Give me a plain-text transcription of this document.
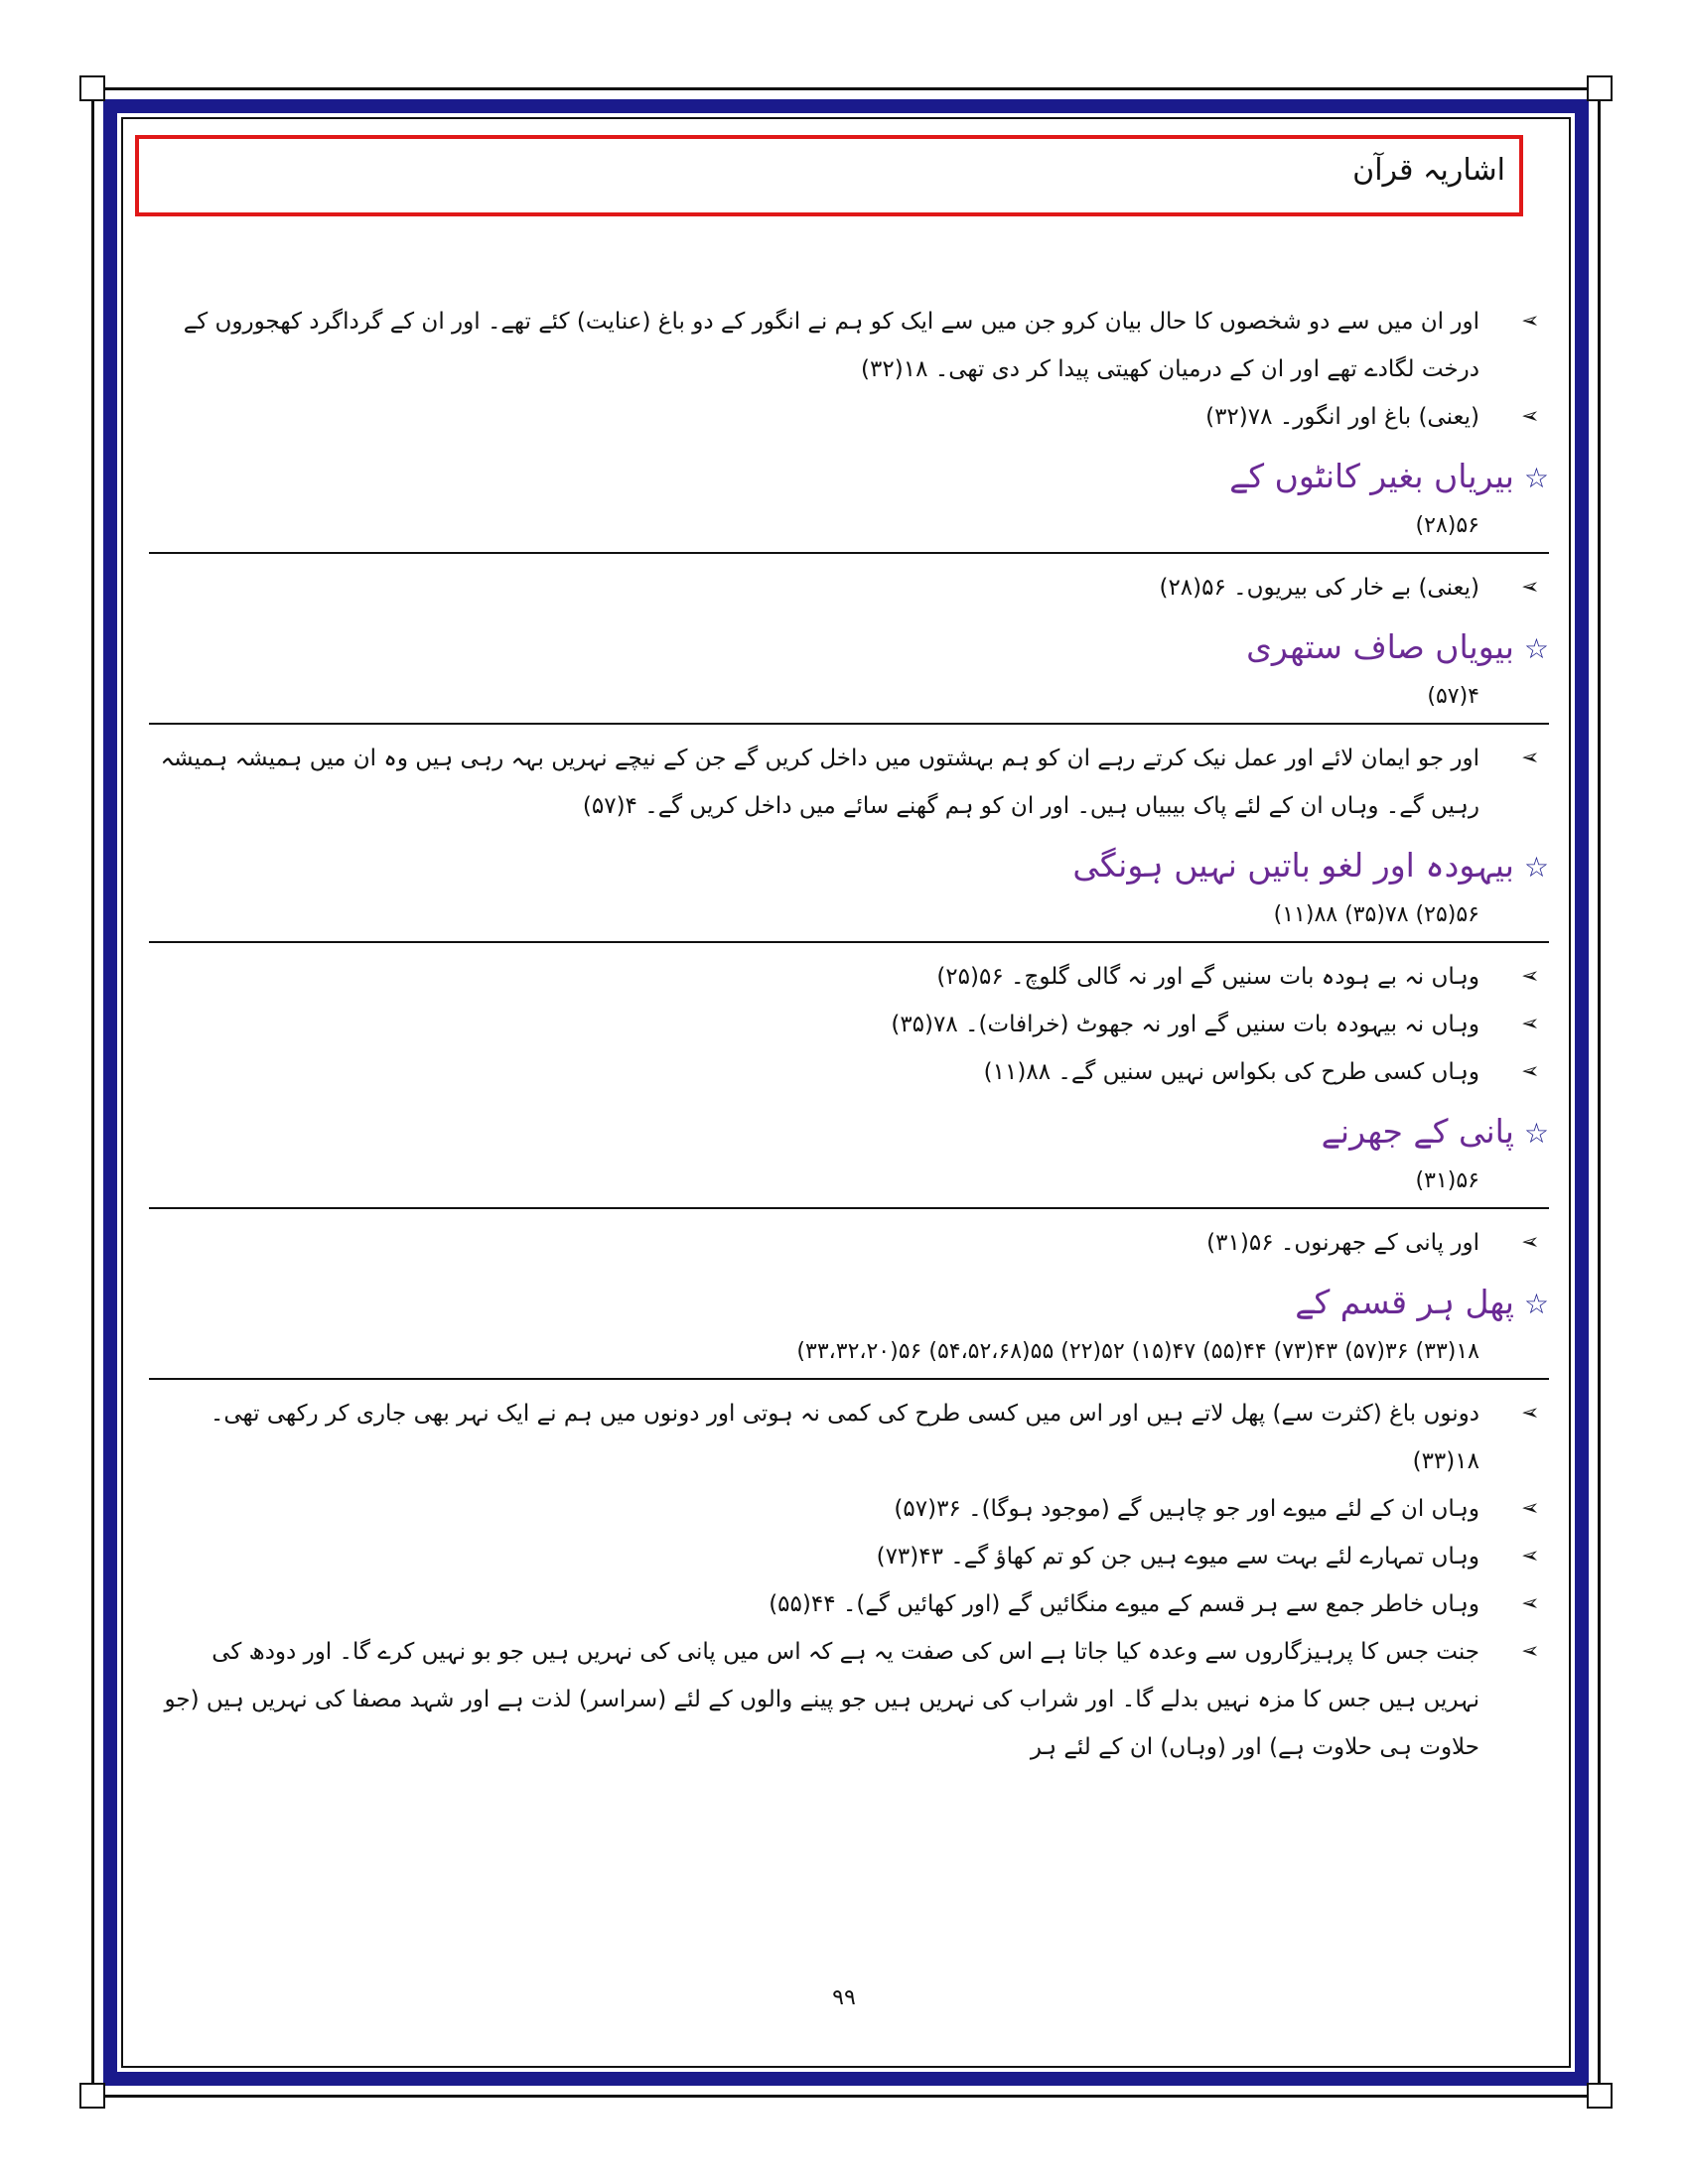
اشاریہ قرآن
➢
اور ان میں سے دو شخصوں کا حال بیان کرو جن میں سے ایک کو ہم نے انگور کے دو باغ (عنایت) کئے تھے۔ اور ان کے گرداگرد کھجوروں کے درخت لگادے تھے اور ان کے درمیان کھیتی پیدا کر دی تھی۔ ۱۸(۳۲)
➢
(یعنی) باغ اور انگور۔ ۷۸(۳۲)
☆بیریاں بغیر کانٹوں کے
۵۶(۲۸)
➢
(یعنی) بے خار کی بیریوں۔ ۵۶(۲۸)
☆بیویاں صاف ستھری
۴(۵۷)
➢
اور جو ایمان لائے اور عمل نیک کرتے رہے ان کو ہم بہشتوں میں داخل کریں گے جن کے نیچے نہریں بہہ رہی ہیں وہ ان میں ہمیشہ ہمیشہ رہیں گے۔ وہاں ان کے لئے پاک بیبیاں ہیں۔ اور ان کو ہم گھنے سائے میں داخل کریں گے۔ ۴(۵۷)
☆بیہودہ اور لغو باتیں نہیں ہونگی
۵۶(۲۵) ۷۸(۳۵) ۸۸(۱۱)
➢
وہاں نہ بے ہودہ بات سنیں گے اور نہ گالی گلوچ۔ ۵۶(۲۵)
➢
وہاں نہ بیہودہ بات سنیں گے اور نہ جھوٹ (خرافات)۔ ۷۸(۳۵)
➢
وہاں کسی طرح کی بکواس نہیں سنیں گے۔ ۸۸(۱۱)
☆پانی کے جھرنے
۵۶(۳۱)
➢
اور پانی کے جھرنوں۔ ۵۶(۳۱)
☆پھل ہر قسم کے
۱۸(۳۳) ۳۶(۵۷) ۴۳(۷۳) ۴۴(۵۵) ۴۷(۱۵) ۵۲(۲۲) ۵۵(۵۴،۵۲،۶۸) ۵۶(۳۳،۳۲،۲۰)
➢
دونوں باغ (کثرت سے) پھل لاتے ہیں اور اس میں کسی طرح کی کمی نہ ہوتی اور دونوں میں ہم نے ایک نہر بھی جاری کر رکھی تھی۔ ۱۸(۳۳)
➢
وہاں ان کے لئے میوے اور جو چاہیں گے (موجود ہوگا)۔ ۳۶(۵۷)
➢
وہاں تمہارے لئے بہت سے میوے ہیں جن کو تم کھاؤ گے۔ ۴۳(۷۳)
➢
وہاں خاطر جمع سے ہر قسم کے میوے منگائیں گے (اور کھائیں گے)۔ ۴۴(۵۵)
➢
جنت جس کا پرہیزگاروں سے وعدہ کیا جاتا ہے اس کی صفت یہ ہے کہ اس میں پانی کی نہریں ہیں جو بو نہیں کرے گا۔ اور دودھ کی نہریں ہیں جس کا مزہ نہیں بدلے گا۔ اور شراب کی نہریں ہیں جو پینے والوں کے لئے (سراسر) لذت ہے اور شہد مصفا کی نہریں ہیں (جو حلاوت ہی حلاوت ہے) اور (وہاں) ان کے لئے ہر
۹۹
